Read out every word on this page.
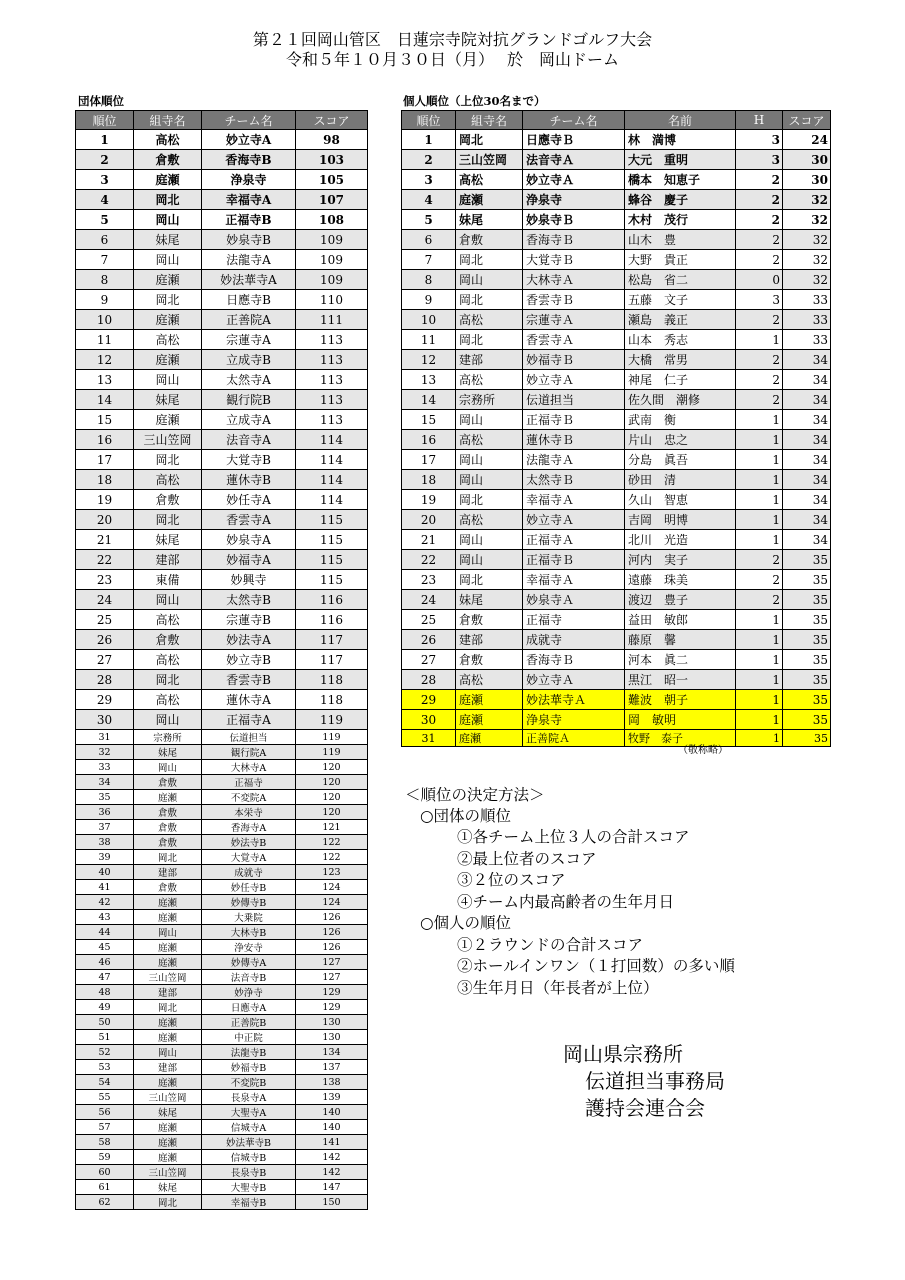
第２１回岡山管区　日蓮宗寺院対抗グランドゴルフ大会
令和５年１０月３０日（月）　 於　岡山ドーム
団体順位	個人順位（上位30名まで）
順位	組寺名	チーム名	スコア
1	高松	妙立寺A	98
2	倉敷	香海寺B	103
3	庭瀬	浄泉寺	105
4	岡北	幸福寺A	107
5	岡山	正福寺B	108
6	妹尾	妙泉寺B	109
7	岡山	法龍寺A	109
8	庭瀬	妙法華寺A	109
9	岡北	日應寺B	110
10	庭瀬	正善院A	111
11	高松	宗蓮寺A	113
12	庭瀬	立成寺B	113
13	岡山	太然寺A	113
14	妹尾	観行院B	113
15	庭瀬	立成寺A	113
16	三山笠岡	法音寺A	114
17	岡北	大覚寺B	114
18	高松	蓮休寺B	114
19	倉敷	妙任寺A	114
20	岡北	香雲寺A	115
21	妹尾	妙泉寺A	115
22	建部	妙福寺A	115
23	東備	妙興寺	115
24	岡山	太然寺B	116
25	高松	宗蓮寺B	116
26	倉敷	妙法寺A	117
27	高松	妙立寺B	117
28	岡北	香雲寺B	118
29	高松	蓮休寺A	118
30	岡山	正福寺A	119
31	宗務所	伝道担当	119
32	妹尾	観行院A	119
33	岡山	大林寺A	120
34	倉敷	正福寺	120
35	庭瀬	不変院A	120
36	倉敷	本栄寺	120
37	倉敷	香海寺A	121
38	倉敷	妙法寺B	122
39	岡北	大覚寺A	122
40	建部	成就寺	123
41	倉敷	妙任寺B	124
42	庭瀬	妙傳寺B	124
43	庭瀬	大乗院	126
44	岡山	大林寺B	126
45	庭瀬	浄安寺	126
46	庭瀬	妙傳寺A	127
47	三山笠岡	法音寺B	127
48	建部	妙浄寺	129
49	岡北	日應寺A	129
50	庭瀬	正善院B	130
51	庭瀬	中正院	130
52	岡山	法龍寺B	134
53	建部	妙福寺B	137
54	庭瀬	不変院B	138
55	三山笠岡	長泉寺A	139
56	妹尾	大聖寺A	140
57	庭瀬	信城寺A	140
58	庭瀬	妙法華寺B	141
59	庭瀬	信城寺B	142
60	三山笠岡	長泉寺B	142
61	妹尾	大聖寺B	147
62	岡北	幸福寺B	150
順位	組寺名	チーム名	名前	H	スコア
1	岡北	日應寺Ｂ	林　満博	3	24
2	三山笠岡	法音寺Ａ	大元　重明	3	30
3	高松	妙立寺Ａ	橋本　知恵子	2	30
4	庭瀬	浄泉寺	蜂谷　慶子	2	32
5	妹尾	妙泉寺Ｂ	木村　茂行	2	32
6	倉敷	香海寺Ｂ	山木　豊	2	32
7	岡北	大覚寺Ｂ	大野　貴正	2	32
8	岡山	大林寺Ａ	松島　省二	0	32
9	岡北	香雲寺Ｂ	五藤　文子	3	33
10	高松	宗蓮寺Ａ	瀬島　義正	2	33
11	岡北	香雲寺Ａ	山本　秀志	1	33
12	建部	妙福寺Ｂ	大橋　常男	2	34
13	高松	妙立寺Ａ	神尾　仁子	2	34
14	宗務所	伝道担当	佐久間　潮修	2	34
15	岡山	正福寺Ｂ	武南　衡	1	34
16	高松	蓮休寺Ｂ	片山　忠之	1	34
17	岡山	法龍寺Ａ	分島　眞吾	1	34
18	岡山	太然寺Ｂ	砂田　清	1	34
19	岡北	幸福寺Ａ	久山　智恵	1	34
20	高松	妙立寺Ａ	吉岡　明博	1	34
21	岡山	正福寺Ａ	北川　光造	1	34
22	岡山	正福寺Ｂ	河内　実子	2	35
23	岡北	幸福寺Ａ	遠藤　珠美	2	35
24	妹尾	妙泉寺Ａ	渡辺　豊子	2	35
25	倉敷	正福寺	益田　敏郎	1	35
26	建部	成就寺	藤原　馨	1	35
27	倉敷	香海寺Ｂ	河本　眞二	1	35
28	高松	妙立寺Ａ	黒江　昭一	1	35
29	庭瀬	妙法華寺Ａ	難波　朝子	1	35
30	庭瀬	浄泉寺	岡　敏明	1	35
31	庭瀬	正善院Ａ	牧野　泰子	1	35
（敬称略）
＜順位の決定方法＞
○団体の順位
①各チーム上位３人の合計スコア
②最上位者のスコア
③２位のスコア
④チーム内最高齢者の生年月日
○個人の順位
①２ラウンドの合計スコア
②ホールインワン（１打回数）の多い順
③生年月日（年長者が上位）
岡山県宗務所
伝道担当事務局
護持会連合会
